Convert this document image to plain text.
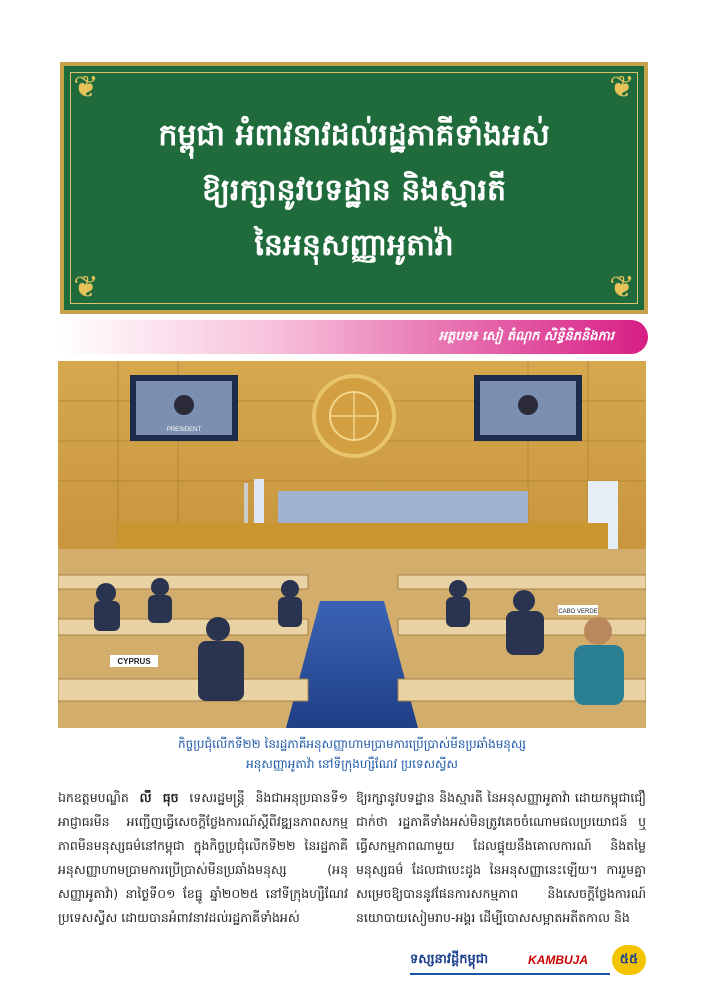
❦	❦
❦	❦
កម្ពុជា អំពាវនាវដល់រដ្ឋភាគីទាំងអស់
ឱ្យរក្សានូវបទដ្ឋាន និងស្មារតី
នៃអនុសញ្ញាអូតាវ៉ា
អត្ថបទ៖ សៀ តំណុក សិទ្ធិនិភនិងការ
PRESIDENT
CYPRUS
CABO VERDE
កិច្ចប្រជុំលើកទី២២ នៃរដ្ឋភាគីអនុសញ្ញាហាមប្រាមការប្រើប្រាស់មីនប្រឆាំងមនុស្ស
អនុសញ្ញាអូតាវ៉ា នៅទីក្រុងហ្សឺណែវ ប្រទេសស្វីស
ឯកឧត្តមបណ្ឌិត លី ធុច ទេសរដ្ឋមន្ត្រី និងជាអនុប្រធានទី១ អាជ្ញាធរមីន អញ្ជើញធ្វើសេចក្តីថ្លែងការណ៍ស្តីពីវឌ្ឍនភាពសកម្មភាពមីនមនុស្សធម៌នៅកម្ពុជា ក្នុងកិច្ចប្រជុំលើកទី២២ នៃរដ្ឋភាគីអនុសញ្ញាហាមប្រាមការប្រើប្រាស់មីនប្រឆាំងមនុស្ស (អនុសញ្ញាអូតាវ៉ា) នាថ្ងៃទី០១ ខែធ្នូ ឆ្នាំ២០២៥ នៅទីក្រុងហ្សឺណែវ ប្រទេសស្វីស ដោយបានអំពាវនាវដល់រដ្ឋភាគីទាំងអស់
ឱ្យរក្សានូវបទដ្ឋាន និងស្មារតី នៃអនុសញ្ញាអូតាវ៉ា ដោយកម្ពុជាជឿជាក់ថា រដ្ឋភាគីទាំងអស់មិនត្រូវគេចចំណោមផលប្រយោជន៍ ឬធ្វើសកម្មភាពណាមួយ ដែលផ្ទុយនឹងគោលការណ៍ និងតម្លៃមនុស្សធម៌ ដែលជាបេះដូង នៃអនុសញ្ញានេះឡើយ។ ការរួមគ្នាសម្រេចឱ្យបាននូវផែនការសកម្មភាព និងសេចក្តីថ្លែងការណ៍នយោបាយសៀមរាប-អង្គរ ដើម្បីបោសសម្អាតអតីតកាល និង
ទស្សនាវដ្តីកម្ពុជា	KAMBUJA	៥៥
